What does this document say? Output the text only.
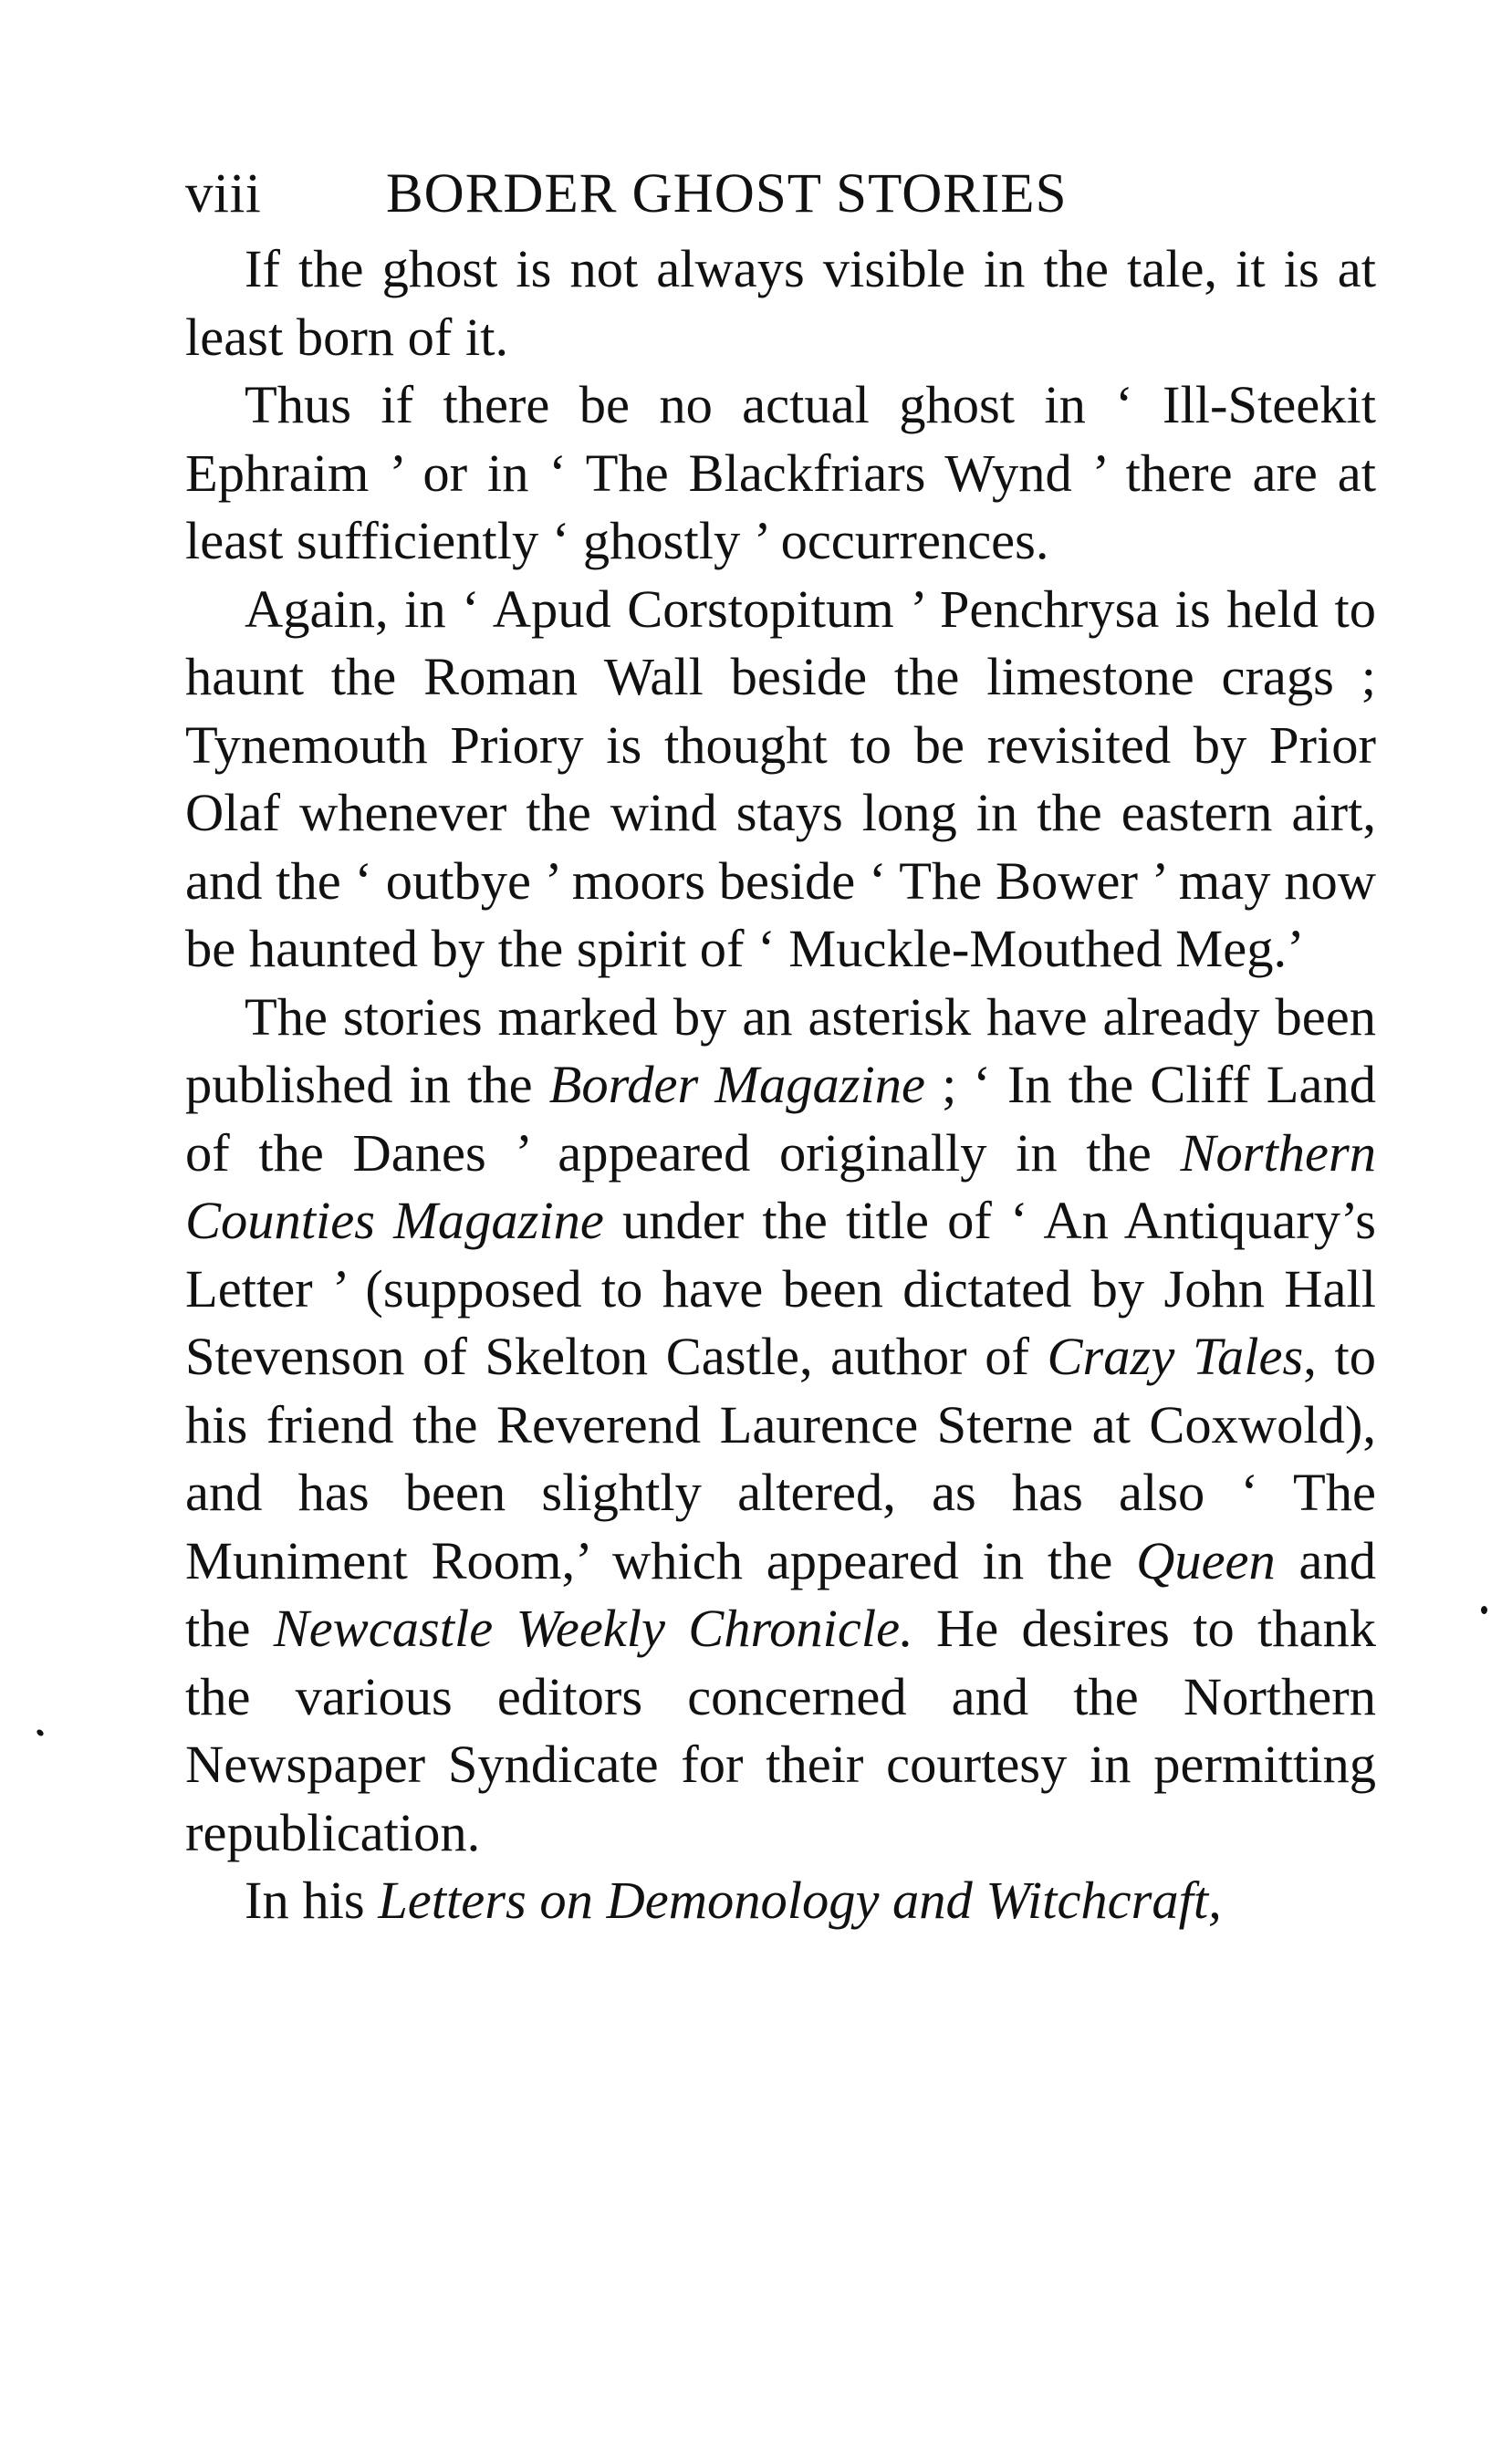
viii BORDER GHOST STORIES

If the ghost is not always visible in the tale, it is at least born of it.

Thus if there be no actual ghost in ‘ Ill-Steekit Ephraim ’ or in ‘ The Blackfriars Wynd ’ there are at least sufficiently ‘ ghostly ’ occurrences.

Again, in ‘ Apud Corstopitum ’ Penchrysa is held to haunt the Roman Wall beside the limestone crags ; Tynemouth Priory is thought to be revisited by Prior Olaf whenever the wind stays long in the eastern airt, and the ‘ outbye ’ moors beside ‘ The Bower ’ may now be haunted by the spirit of ‘ Muckle-Mouthed Meg.’

The stories marked by an asterisk have already been published in the Border Magazine ; ‘ In the Cliff Land of the Danes ’ appeared originally in the Northern Counties Magazine under the title of ‘ An Antiquary’s Letter ’ (supposed to have been dictated by John Hall Stevenson of Skelton Castle, author of Crazy Tales, to his friend the Reverend Laurence Sterne at Coxwold), and has been slightly altered, as has also ‘ The Muniment Room,’ which appeared in the Queen and the Newcastle Weekly Chronicle. He desires to thank the various editors concerned and the Northern Newspaper Syndicate for their courtesy in permitting republication.

In his Letters on Demonology and Witchcraft,
